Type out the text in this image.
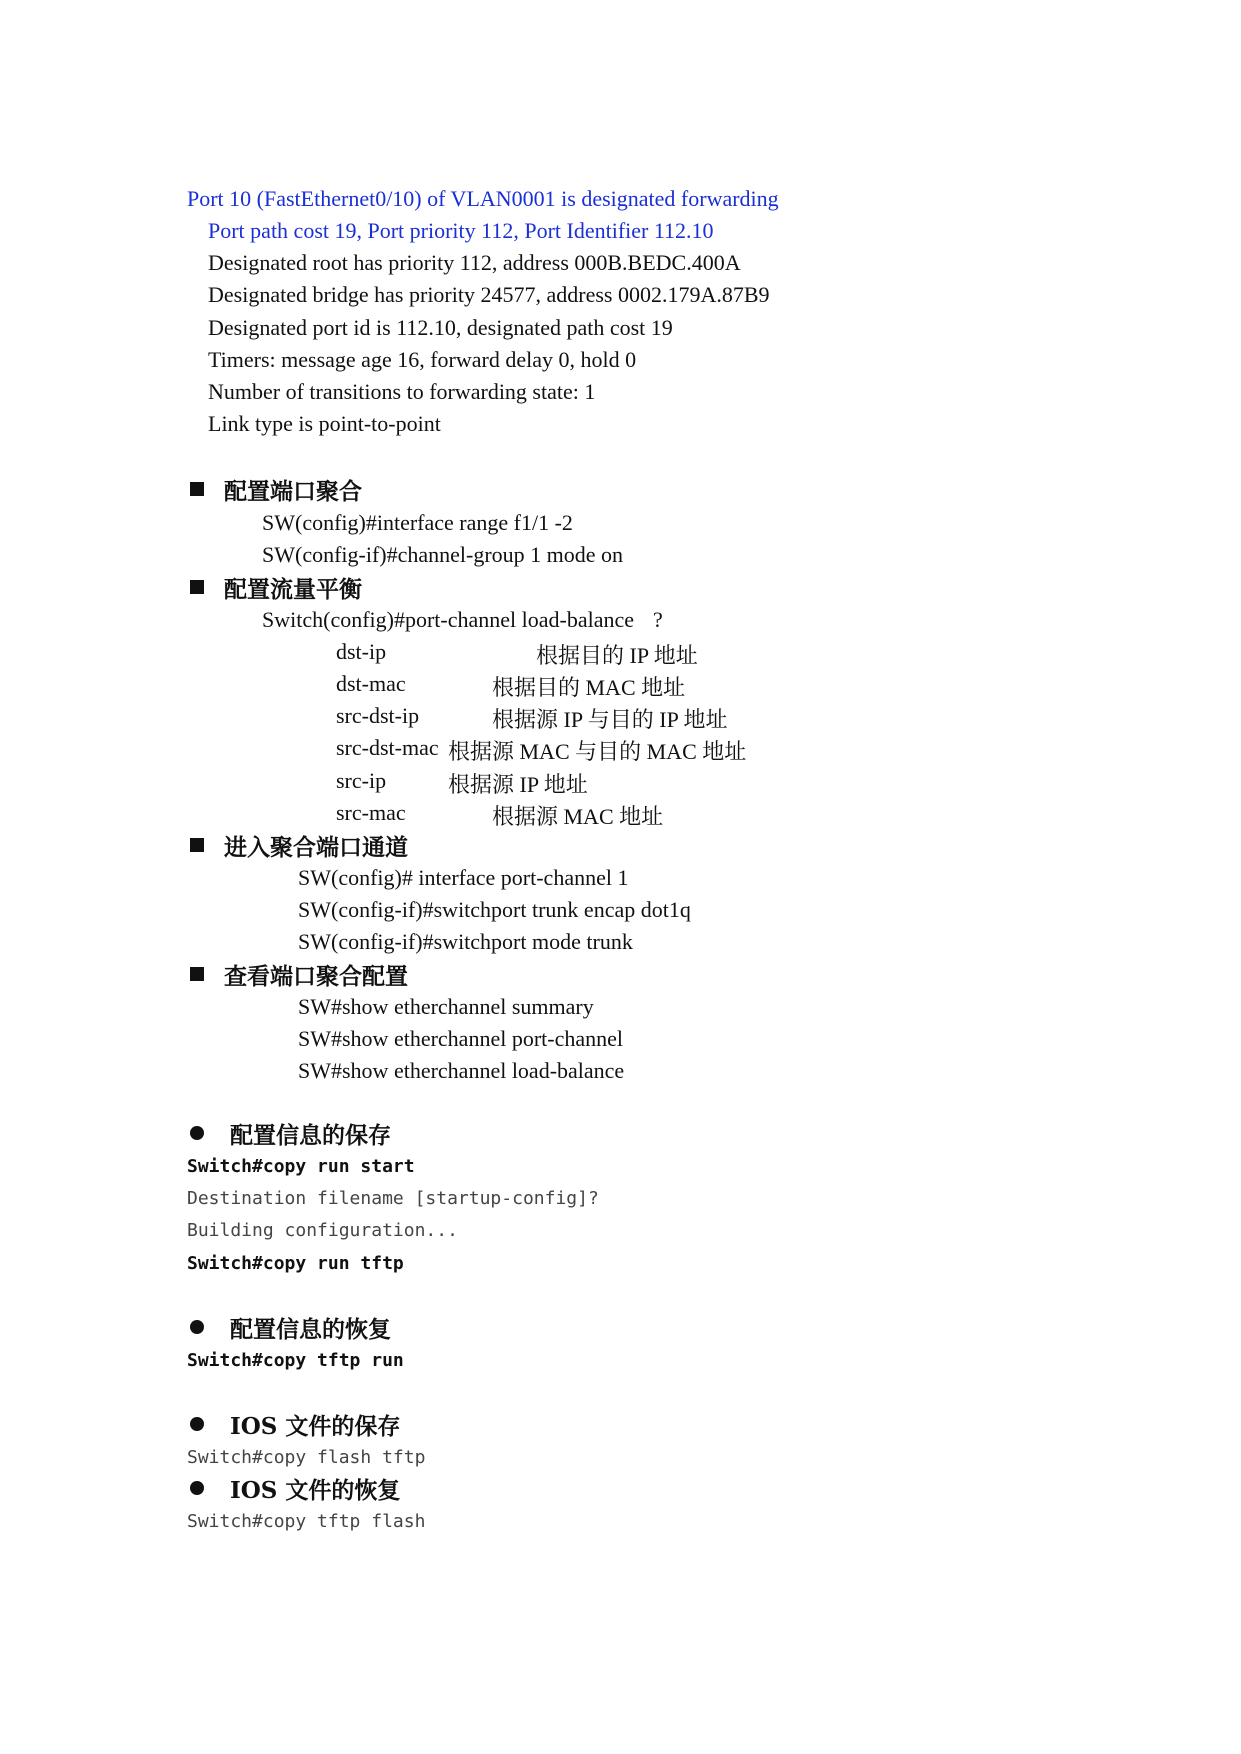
Port 10 (FastEthernet0/10) of VLAN0001 is designated forwarding
Port path cost 19, Port priority 112, Port Identifier 112.10
Designated root has priority 112, address 000B.BEDC.400A
Designated bridge has priority 24577, address 0002.179A.87B9
Designated port id is 112.10, designated path cost 19
Timers: message age 16, forward delay 0, hold 0
Number of transitions to forwarding state: 1
Link type is point-to-point
配置端口聚合
SW(config)#interface range f1/1 -2
SW(config-if)#channel-group 1 mode on
配置流量平衡
Switch(config)#port-channel load-balance ?
dst-ip	根据目的 IP 地址
dst-mac	根据目的 MAC 地址
src-dst-ip	根据源 IP 与目的 IP 地址
src-dst-mac 根据源 MAC 与目的 MAC 地址
src-ip	根据源 IP 地址
src-mac	根据源 MAC 地址
进入聚合端口通道
SW(config)# interface port-channel 1
SW(config-if)#switchport trunk encap dot1q
SW(config-if)#switchport mode trunk
查看端口聚合配置
SW#show etherchannel summary
SW#show etherchannel port-channel
SW#show etherchannel load-balance
配置信息的保存
Switch#copy run start
Destination filename [startup-config]?
Building configuration...
Switch#copy run tftp
配置信息的恢复
Switch#copy tftp run
IOS 文件的保存
Switch#copy flash tftp
IOS 文件的恢复
Switch#copy tftp flash
